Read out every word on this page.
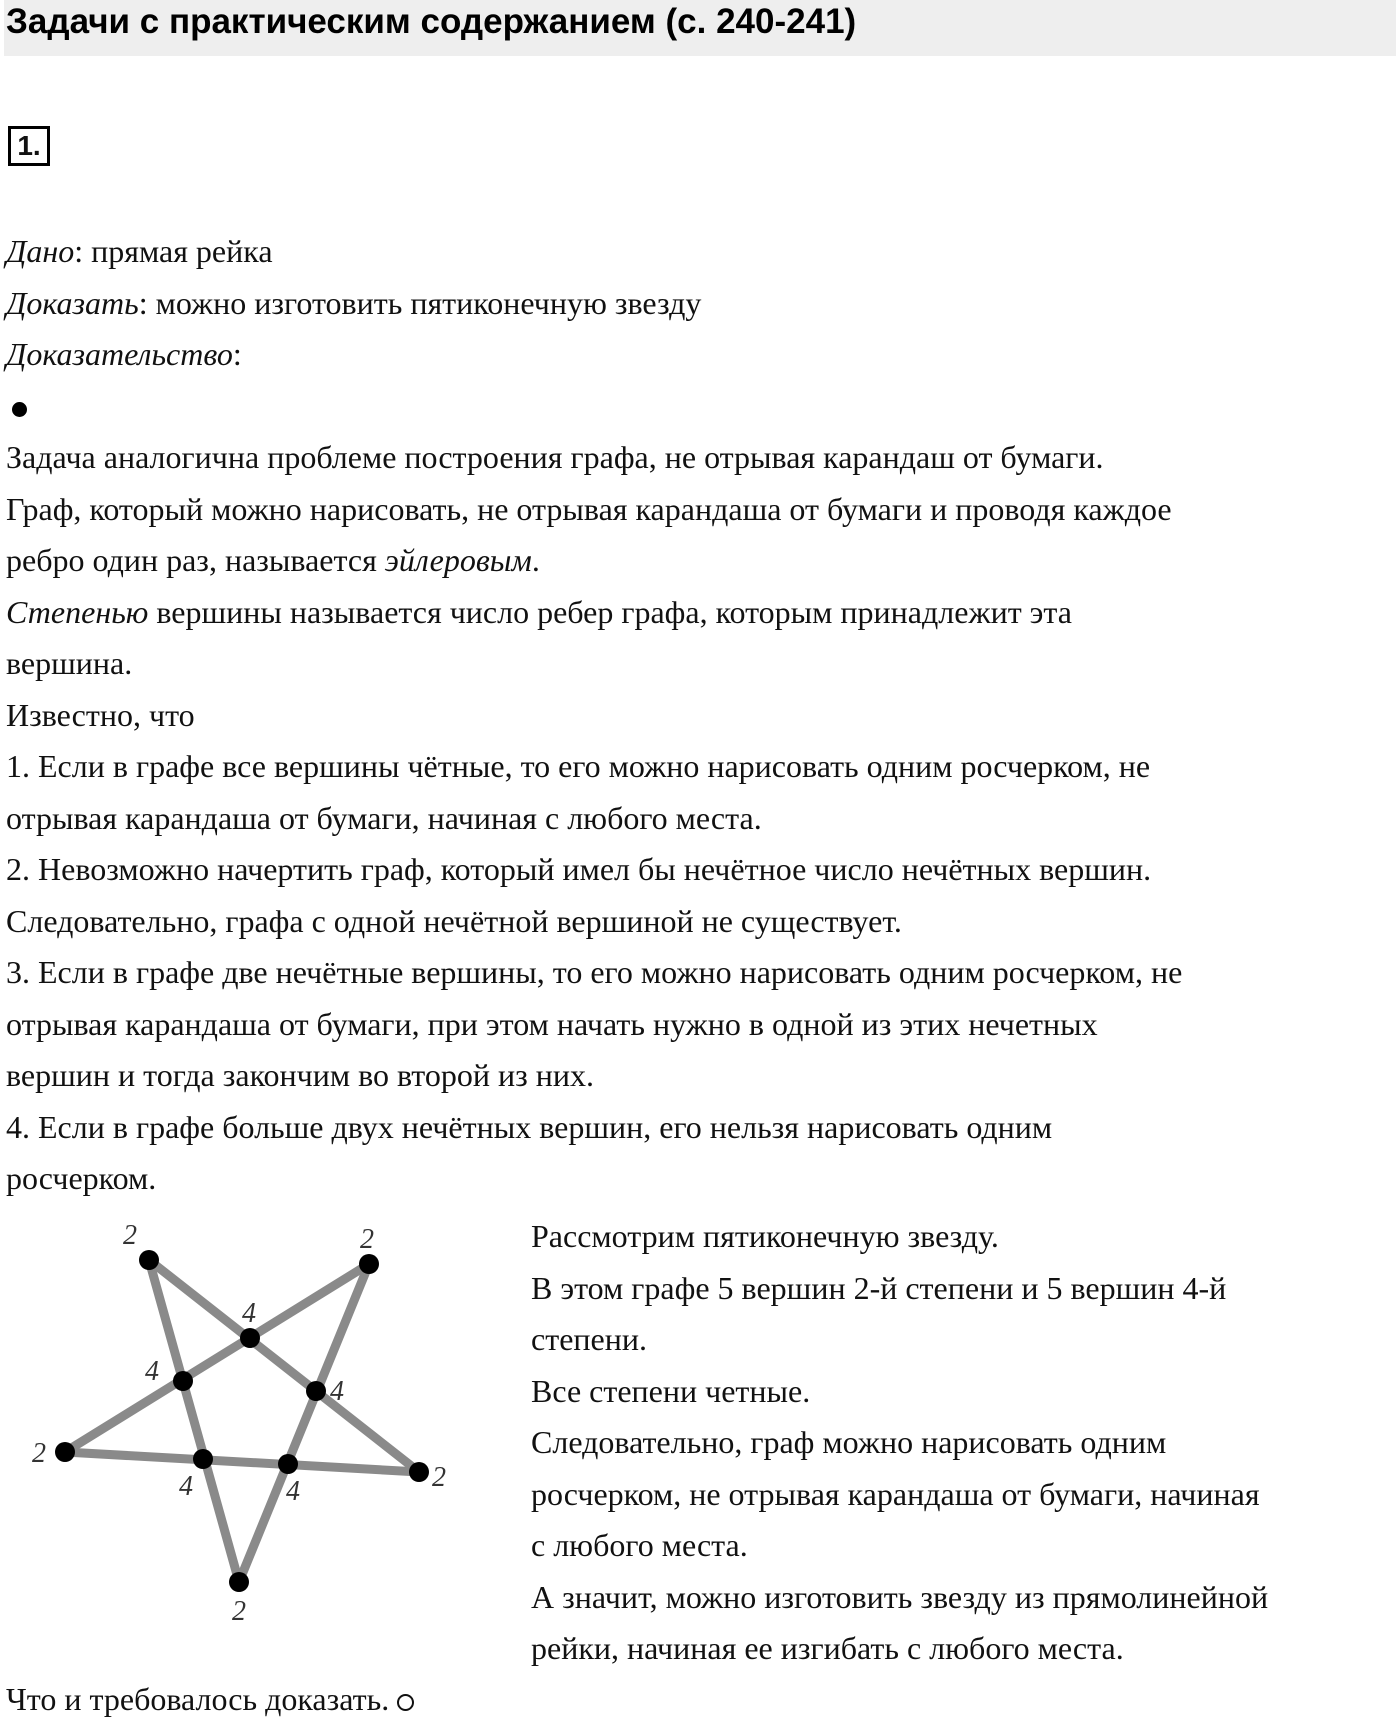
Задачи с практическим содержанием (с. 240-241)
1.
Дано: прямая рейка
Доказать: можно изготовить пятиконечную звезду
Доказательство:
Задача аналогична проблеме построения графа, не отрывая карандаш от бумаги.
Граф, который можно нарисовать, не отрывая карандаша от бумаги и проводя каждое
ребро один раз, называется эйлеровым.
Степенью вершины называется число ребер графа, которым принадлежит эта
вершина.
Известно, что
1. Если в графе все вершины чётные, то его можно нарисовать одним росчерком, не
отрывая карандаша от бумаги, начиная с любого места.
2. Невозможно начертить граф, который имел бы нечётное число нечётных вершин.
Следовательно, графа с одной нечётной вершиной не существует.
3. Если в графе две нечётные вершины, то его можно нарисовать одним росчерком, не
отрывая карандаша от бумаги, при этом начать нужно в одной из этих нечетных
вершин и тогда закончим во второй из них.
4. Если в графе больше двух нечётных вершин, его нельзя нарисовать одним
росчерком.
2	2
2
2
2
4
4
4
4	4
Рассмотрим пятиконечную звезду.
В этом графе 5 вершин 2-й степени и 5 вершин 4-й
степени.
Все степени четные.
Следовательно, граф можно нарисовать одним
росчерком, не отрывая карандаша от бумаги, начиная
с любого места.
А значит, можно изготовить звезду из прямолинейной
рейки, начиная ее изгибать с любого места.
Что и требовалось доказать.
